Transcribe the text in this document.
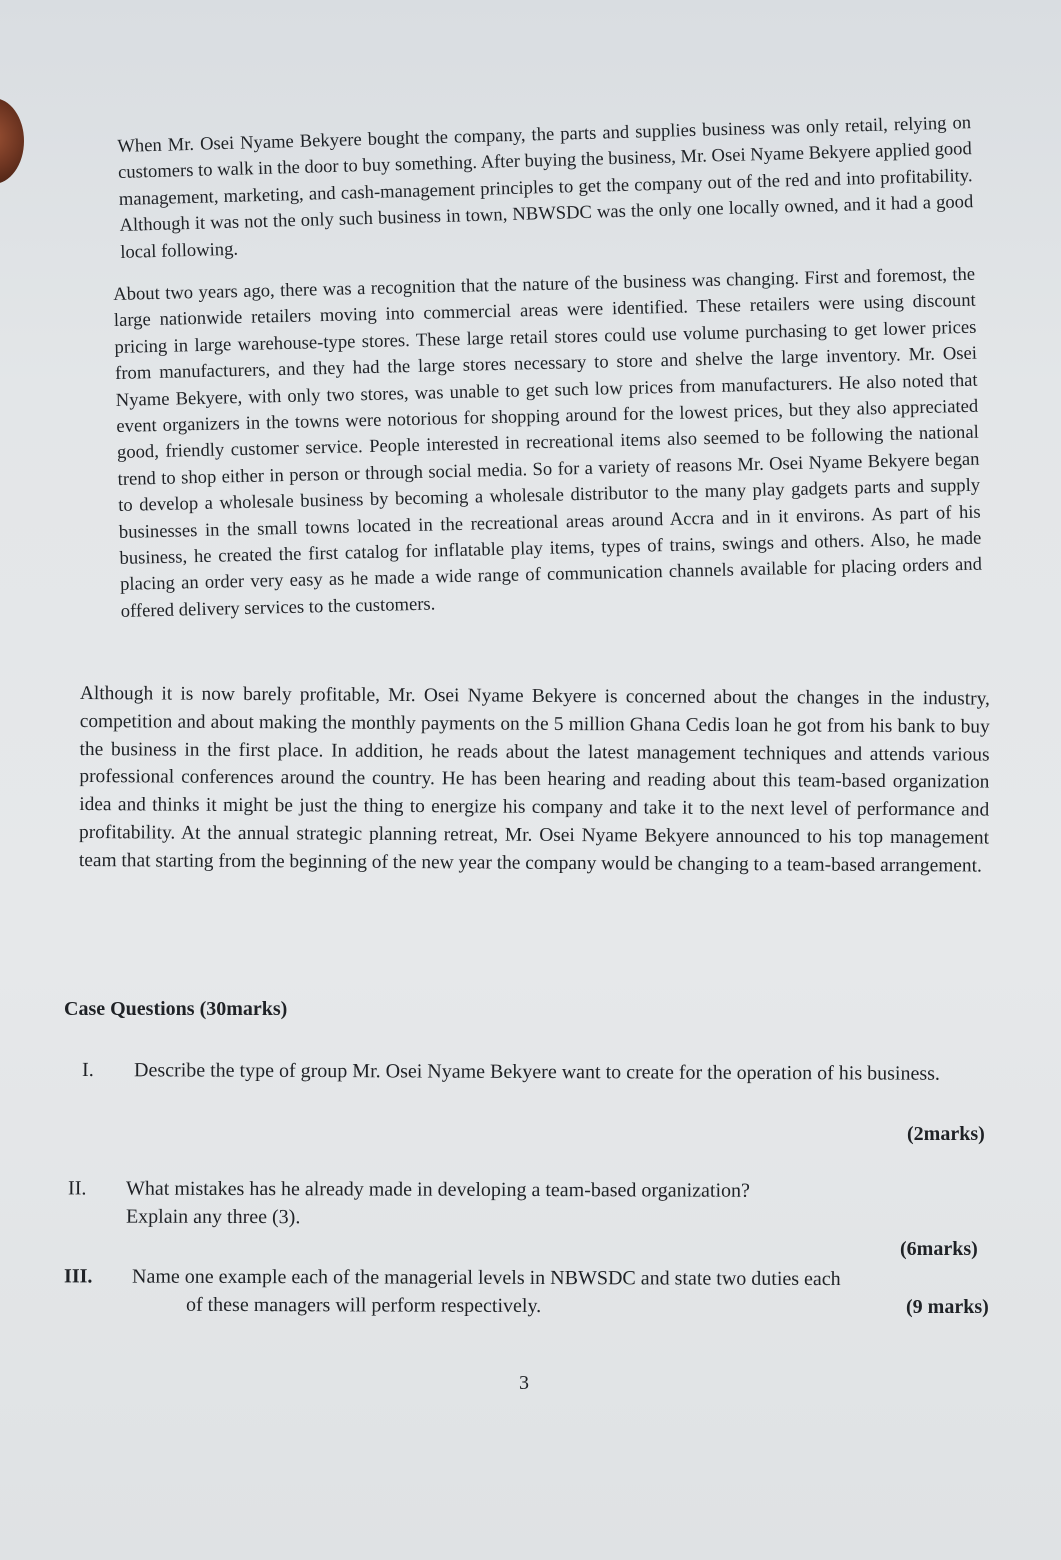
When Mr. Osei Nyame Bekyere bought the company, the parts and supplies business was only retail, relying on customers to walk in the door to buy something. After buying the business, Mr. Osei Nyame Bekyere applied good management, marketing, and cash-management principles to get the company out of the red and into profitability. Although it was not the only such business in town, NBWSDC was the only one locally owned, and it had a good local following.

About two years ago, there was a recognition that the nature of the business was changing. First and foremost, the large nationwide retailers moving into commercial areas were identified. These retailers were using discount pricing in large warehouse-type stores. These large retail stores could use volume purchasing to get lower prices from manufacturers, and they had the large stores necessary to store and shelve the large inventory. Mr. Osei Nyame Bekyere, with only two stores, was unable to get such low prices from manufacturers. He also noted that event organizers in the towns were notorious for shopping around for the lowest prices, but they also appreciated good, friendly customer service. People interested in recreational items also seemed to be following the national trend to shop either in person or through social media. So for a variety of reasons Mr. Osei Nyame Bekyere began to develop a wholesale business by becoming a wholesale distributor to the many play gadgets parts and supply businesses in the small towns located in the recreational areas around Accra and in it environs. As part of his business, he created the first catalog for inflatable play items, types of trains, swings and others. Also, he made placing an order very easy as he made a wide range of communication channels available for placing orders and offered delivery services to the customers.

Although it is now barely profitable, Mr. Osei Nyame Bekyere is concerned about the changes in the industry, competition and about making the monthly payments on the 5 million Ghana Cedis loan he got from his bank to buy the business in the first place. In addition, he reads about the latest management techniques and attends various professional conferences around the country. He has been hearing and reading about this team-based organization idea and thinks it might be just the thing to energize his company and take it to the next level of performance and profitability. At the annual strategic planning retreat, Mr. Osei Nyame Bekyere announced to his top management team that starting from the beginning of the new year the company would be changing to a team-based arrangement.

Case Questions (30marks)
I. Describe the type of group Mr. Osei Nyame Bekyere want to create for the operation of his business.
(2marks)
II. What mistakes has he already made in developing a team-based organization?
Explain any three (3).
(6marks)
III. Name one example each of the managerial levels in NBWSDC and state two duties each
of these managers will perform respectively.	(9 marks)
3
